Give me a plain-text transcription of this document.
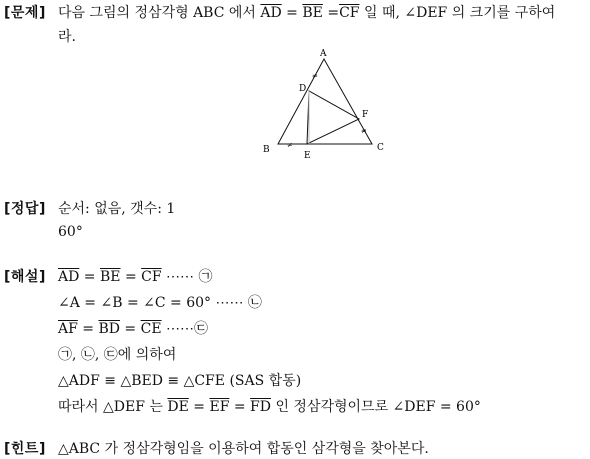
[문제] 다음 그림의 정삼각형 ABC 에서 $\overline{AD} = \overline{BE} =\overline{CF}$ 일 때, ∠DEF 의 크기를 구하여
라.
A
B	C
D
E
F
≠
≠
≠
[정답] 순서: 없음, 갯수: 1
60°
[해설] $\overline{AD} = \overline{BE} = \overline{CF}$ ⋯⋯ ㉠
∠A = ∠B = ∠C = 60° ⋯⋯ ㉡
$\overline{AF} = \overline{BD} = \overline{CE}$ ⋯⋯㉢
㉠, ㉡, ㉢에 의하여
△ADF ≡ △BED ≡ △CFE (SAS 합동)
따라서 △DEF 는 $\overline{DE} = \overline{EF} = \overline{FD}$ 인 정삼각형이므로 ∠DEF = 60°
[힌트] △ABC 가 정삼각형임을 이용하여 합동인 삼각형을 찾아본다.
